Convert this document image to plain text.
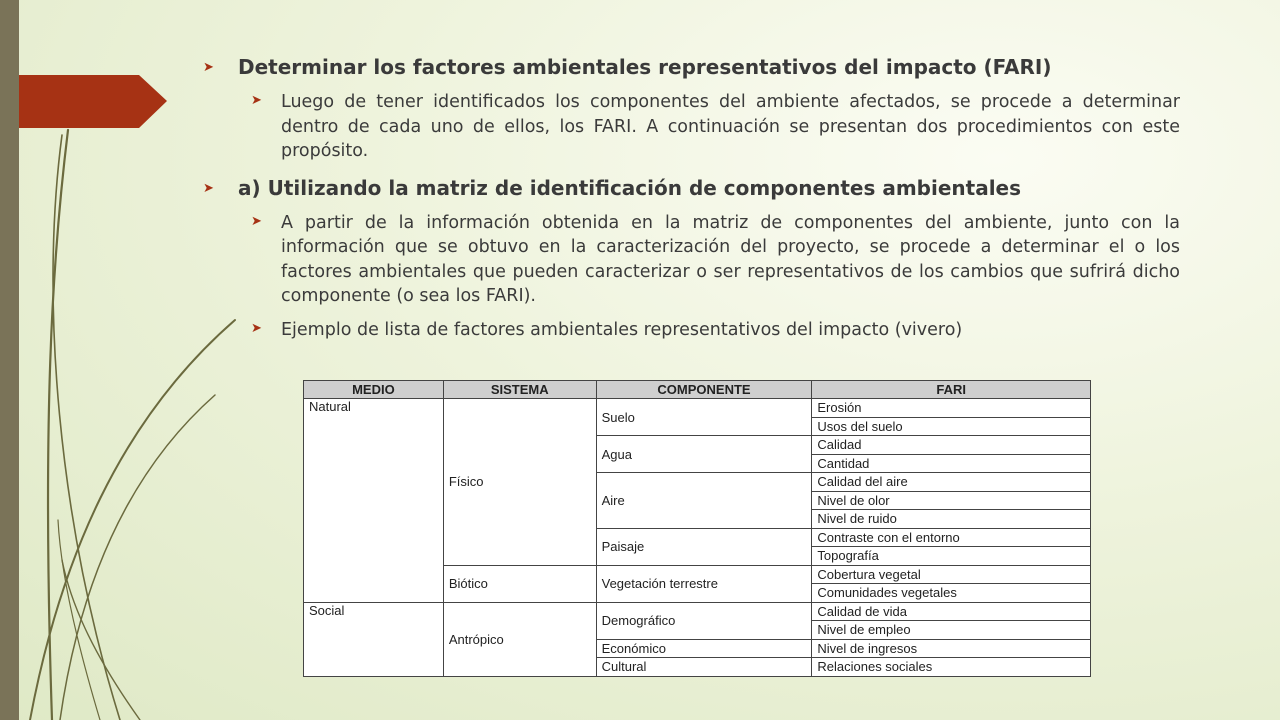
➤ Determinar los factores ambientales representativos del impacto (FARI)
➤ Luego de tener identificados los componentes del ambiente afectados, se procede a determinar dentro de cada uno de ellos, los FARI. A continuación se presentan dos procedimientos con este propósito.
➤ a) Utilizando la matriz de identificación de componentes ambientales
➤ A partir de la información obtenida en la matriz de componentes del ambiente, junto con la información que se obtuvo en la caracterización del proyecto, se procede a determinar el o los factores ambientales que pueden caracterizar o ser representativos de los cambios que sufrirá dicho componente (o sea los FARI).
➤ Ejemplo de lista de factores ambientales representativos del impacto (vivero)
MEDIO	SISTEMA	COMPONENTE	FARI
Natural	Físico	Suelo	Erosión
			Usos del suelo
		Agua	Calidad
			Cantidad
		Aire	Calidad del aire
			Nivel de olor
			Nivel de ruido
		Paisaje	Contraste con el entorno
			Topografía
	Biótico	Vegetación terrestre	Cobertura vegetal
			Comunidades vegetales
Social	Antrópico	Demográfico	Calidad de vida
			Nivel de empleo
		Económico	Nivel de ingresos
		Cultural	Relaciones sociales
